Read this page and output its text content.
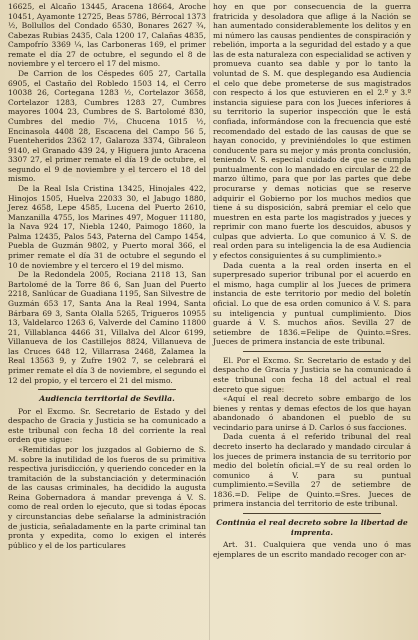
16625, el Alcaño 13445, Aracena 18664, Aroche 10451, Ayamonte 12725, Beas 5786, Bérrocal 1373 ½, Bollullos del Condado 6530, Bonares 2627 ¾, Cabezas Rubias 2435, Cala 1200 17, Calañas 4835, Campofrío 3369 ¼, las Carboneras 169, el primer remate el día 27 de octubre, el segundo el 8 de noviembre y el tercero el 17 del mismo.

De Carrion de los Céspedes 605 27, Cartalla 6905, el Castaño del Robledo 1503 14, el Cerro 10038 26, Cortegana 1283 ½, Cortelazor 3658, Cortelazor 1283, Cumbres 1283 27, Cumbres mayores 1004 23, Cumbres de S. Bartolomé 830, Cumbres del medio 7½, Chucena 1015 ½, Encinasola 4408 28, Escacena del Campo 56 5, Fuenteheridos 2362 17, Galaroza 3374, Gibraleon 9140, el Granado 439 24, y Higuera junto Aracena 3307 27, el primer remate el día 19 de octubre, el segundo el 9 de noviembre y el tercero el 18 del mismo.

De la Real Isla Cristina 13425, Hinojales 422, Hinojos 1505, Huelva 22033 30, el Jabugo 1880, Jerez 4658, Lepe 4585, Lucena del Puerto 2610, Manzanilla 4755, los Marines 497, Moguer 11180, la Nava 924 17, Niebla 1240, Paimogo 1860, la Palma 12435, Palos 543, Paterna del Campo 1454, Puebla de Guzmán 9802, y Puerto moral 366, el primer remate el día 31 de octubre el segundo el 10 de noviembre y el tercero el 19 del mismo.

De la Redondela 2005, Rociana 2118 13, San Bartolomé de la Torre 86 6, San Juan del Puerto 2218, Sanlúcar de Guadiana 1195, San Silvestre de Guzmán 653 17, Santa Ana la Real 1994, Santa Bárbara 69 3, Santa Olalla 5265, Trigueros 10955 13, Valdelarco 1263 6, Valverde del Camino 11800 21, Villablanca 4466 31, Villalva del Alcor 6199, Villanueva de los Castillejos 8824, Villanueva de las Cruces 648 12, Villarrasa 2468, Zalamea la Real 13563 9, y Zufre 1902 7, se celebrará el primer remate el día 3 de noviembre, el segundo el 12 del propio, y el tercero el 21 del mismo.

Audiencia territorial de Sevilla.

Por el Excmo. Sr. Secretario de Estado y del despacho de Gracia y Justicia se ha comunicado a este tribunal con fecha 18 del corriente la real orden que sigue:

«Remitidas por los juzgados al Gobierno de S. M. sobre la inutilidad de los fueros de su primitiva respectiva jurisdicción, y queriendo conceder en la tramitación de la substanciación y determinación de las causas criminales, ha decidido la augusta Reina Gobernadora á mandar prevenga á V. S. como de real orden lo ejecuto, que si todas épocas y circunstancias debe señalarse la administración de justicia, señaladamente en la parte criminal tan pronta y expedita, como lo exigen el interés público y el de los particulares

hoy en que por consecuencia de la guerra fratricida y desoladora que aflige á la Nación se han aumentado considerablemente los delitos y en mi número las causas pendientes de conspiración y rebelión, importa a la seguridad del estado y a que las de esta naturaleza con especialidad se activen y promueva cuanto sea dable y por lo tanto la voluntad de S. M. que desplegando esa Audiencia el celo que debe prometerse de sus magistrados con respecto á los que estuvieren en el 2.º y 3.º instancia siguiese para con los Jueces inferiores á su territorio la superior inspección que le está confiada, informándose con la frecuencia que esté recomendado del estado de las causas de que se hayan conocido, y previniéndoles lo que estimen conducente para su mejor y más pronta conclusión, teniendo V. S. especial cuidado de que se cumpla puntualmente con lo mandado en circular de 22 de marzo último, para que por las partes que debe procurarse y demas noticias que se reserve adquirir el Gobierno por los muchos medios que tiene á su disposición, sabrá premiar el celo que muestren en esta parte los magistrados y jueces y reprimir con mano fuerte los descuidos, abusos y culpas que advierta. Lo que comunico á V. S. de real orden para su inteligencia la de esa Audiencia y efectos consiguientes á su cumplimiento.»

Dada cuenta a la real orden inserta en el superpresado superior tribunal por el acuerdo en el mismo, haga cumplir al los Jueces de primera instancia de este territorio por medio del boletín oficial. Lo que de esa orden comunico á V. S. para su inteligencia y puntual cumplimiento. Dios guarde á V. S. muchos años. Sevilla 27 de setiembre de 1836.=Felipe de Quinto.=Sres. Jueces de primera instancia de este tribunal.

El. Por el Excmo. Sr. Secretario de estado y del despacho de Gracia y Justicia se ha comunicado á este tribunal con fecha 18 del actual el real decreto que sigue:

«Aquí el real decreto sobre embargo de los bienes y rentas y demas efectos de los que hayan abandonado ó abandonen el pueblo de su vecindario para unirse á D. Carlos ó sus facciones.

Dada cuenta á el referido tribunal del real decreto inserto ha declarado y mandado circular á los jueces de primera instancia de su territorio por medio del boletín oficial.=Y de su real orden lo comunico á V. para su puntual cumplimiento.=Sevilla 27 de setiembre de 1836.=D. Felipe de Quinto.=Sres. Jueces de primera instancia del territorio de este tribunal.

Continúa el real decreto sobre la libertad de imprenta.

Art. 31. Cualquiera que venda uno ó mas ejemplares de un escrito mandado recoger con ar-
